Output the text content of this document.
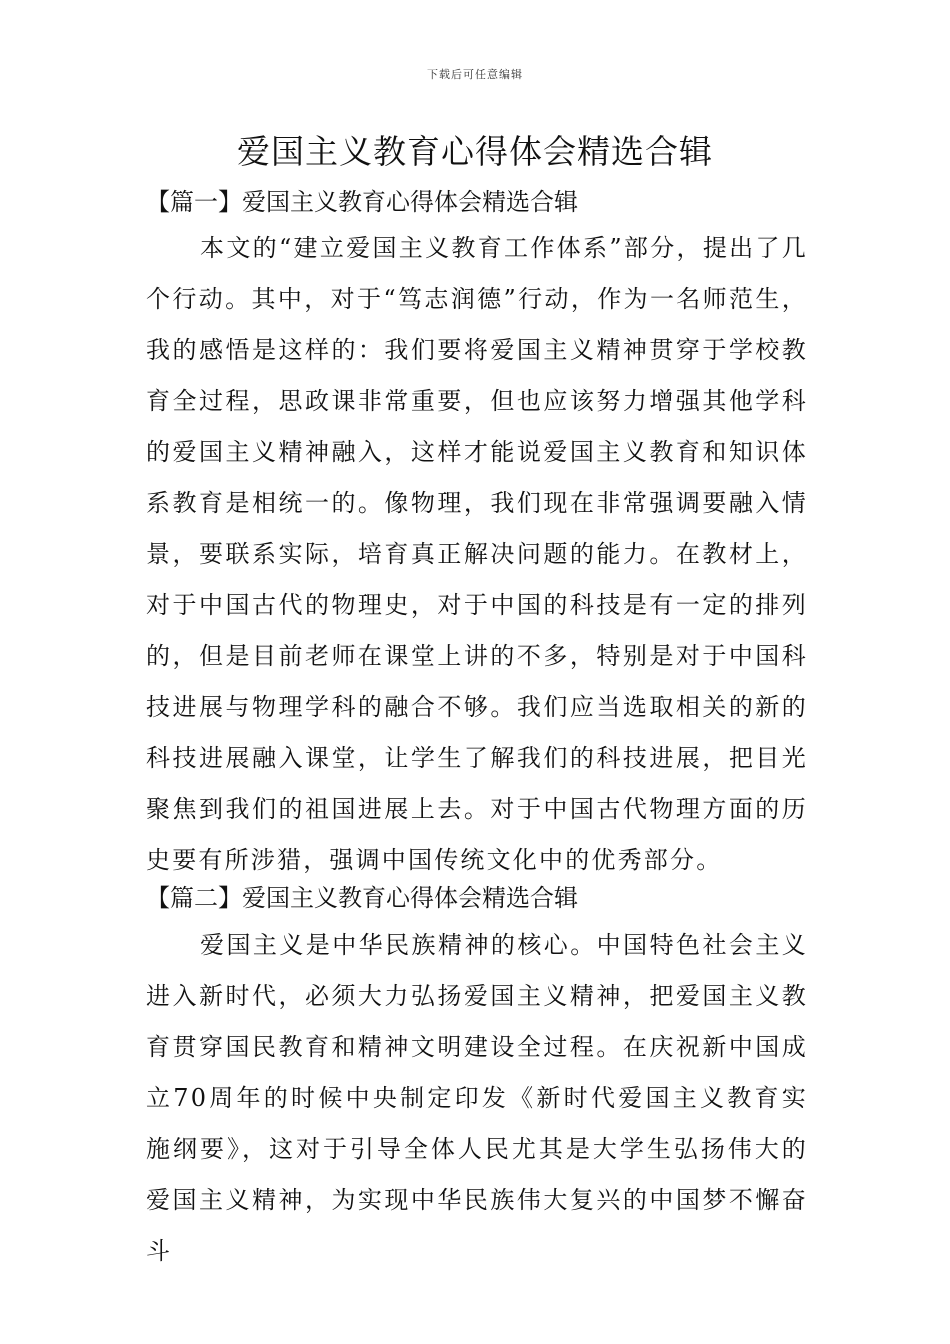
下载后可任意编辑
爱国主义教育心得体会精选合辑
【篇一】爱国主义教育心得体会精选合辑

本文的“建立爱国主义教育工作体系”部分，提出了几个行动。其中，对于“笃志润德”行动，作为一名师范生，我的感悟是这样的：我们要将爱国主义精神贯穿于学校教育全过程，思政课非常重要，但也应该努力增强其他学科的爱国主义精神融入，这样才能说爱国主义教育和知识体系教育是相统一的。像物理，我们现在非常强调要融入情景，要联系实际，培育真正解决问题的能力。在教材上，对于中国古代的物理史，对于中国的科技是有一定的排列的，但是目前老师在课堂上讲的不多，特别是对于中国科技进展与物理学科的融合不够。我们应当选取相关的新的科技进展融入课堂，让学生了解我们的科技进展，把目光聚焦到我们的祖国进展上去。对于中国古代物理方面的历史要有所涉猎，强调中国传统文化中的优秀部分。

【篇二】爱国主义教育心得体会精选合辑

爱国主义是中华民族精神的核心。中国特色社会主义进入新时代，必须大力弘扬爱国主义精神，把爱国主义教育贯穿国民教育和精神文明建设全过程。在庆祝新中国成立70周年的时候中央制定印发《新时代爱国主义教育实施纲要》，这对于引导全体人民尤其是大学生弘扬伟大的爱国主义精神，为实现中华民族伟大复兴的中国梦不懈奋斗
